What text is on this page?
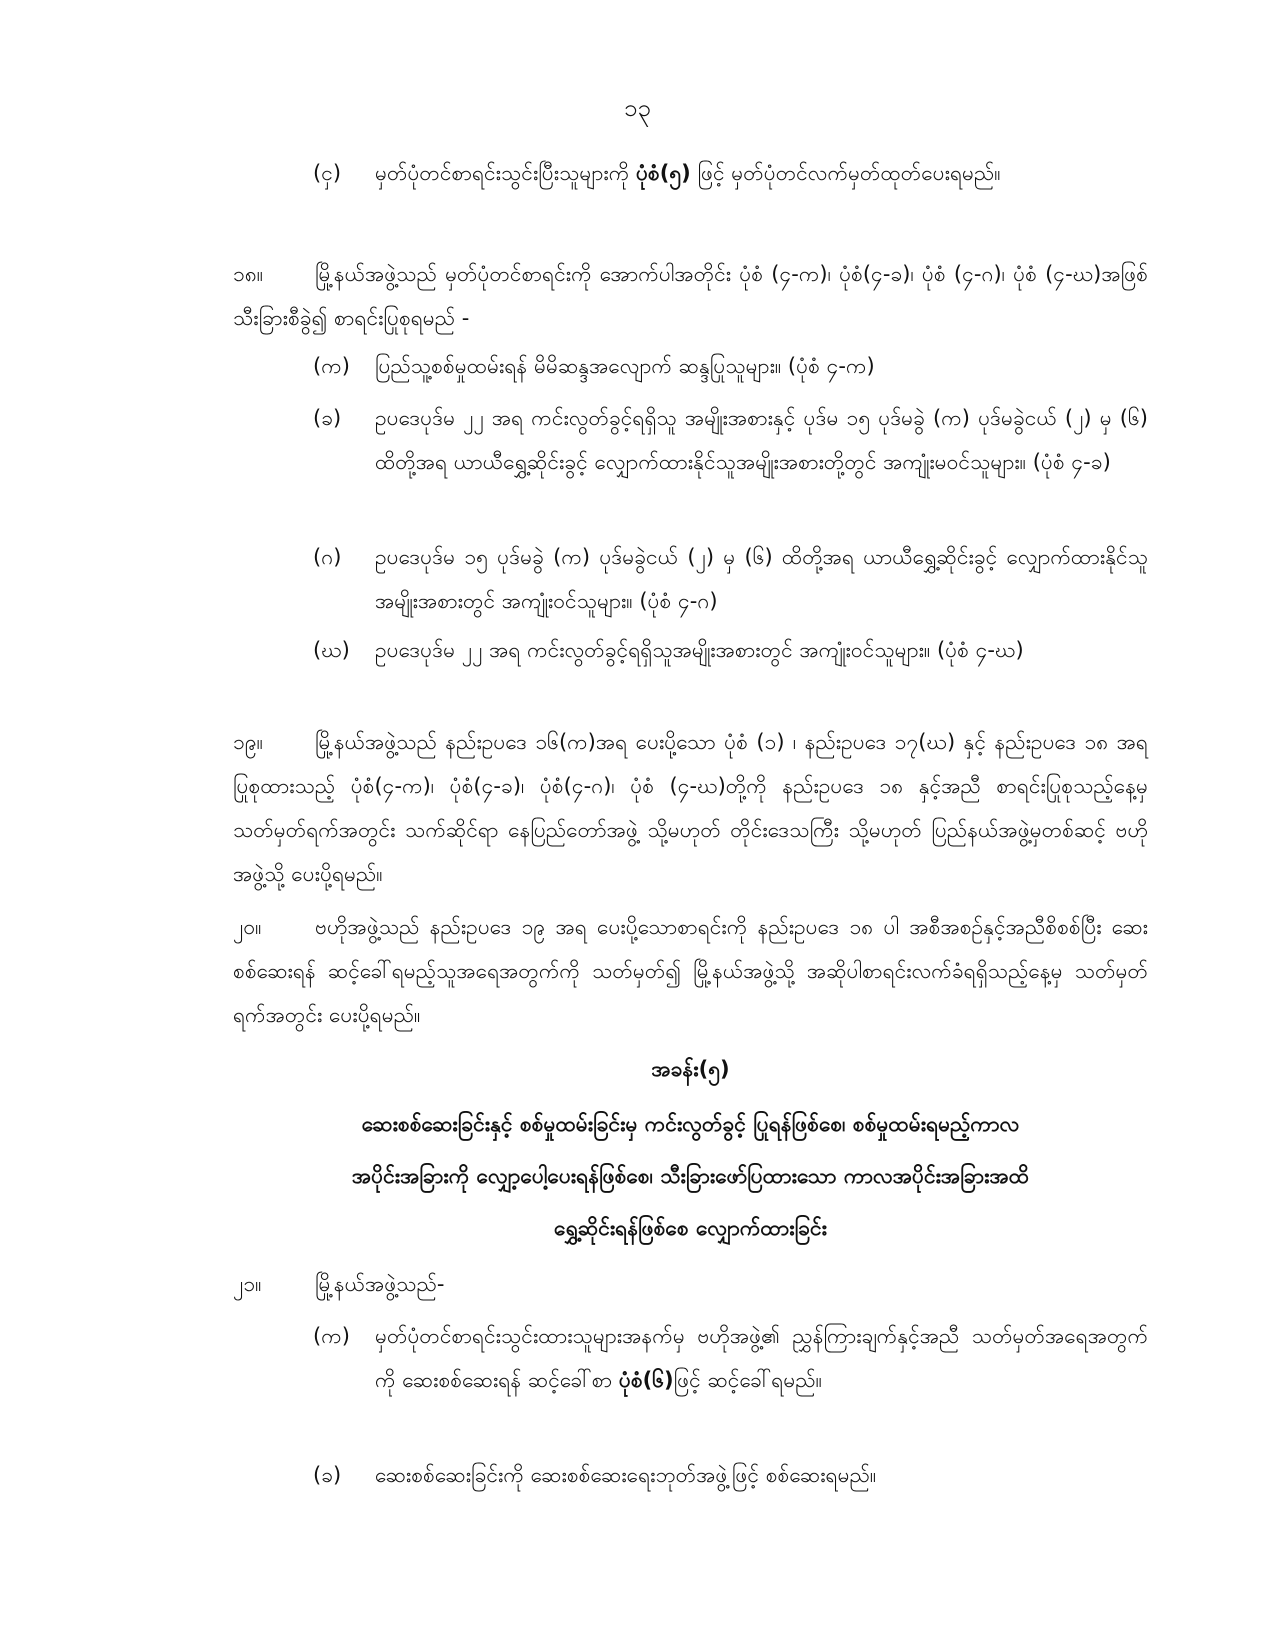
၁၃
(ငှ)	မှတ်ပုံတင်စာရင်းသွင်းပြီးသူများကို ပုံစံ(၅) ဖြင့် မှတ်ပုံတင်လက်မှတ်ထုတ်ပေးရမည်။
၁၈။ မြို့နယ်အဖွဲ့သည် မှတ်ပုံတင်စာရင်းကို အောက်ပါအတိုင်း ပုံစံ (၄-က)၊ ပုံစံ(၄-ခ)၊ ပုံစံ (၄-ဂ)၊ ပုံစံ (၄-ဃ)အဖြစ် သီးခြားစီခွဲ၍ စာရင်းပြုစုရမည် -
(က)	ပြည်သူ့စစ်မှုထမ်းရန် မိမိဆန္ဒအလျောက် ဆန္ဒပြုသူများ။ (ပုံစံ ၄-က)
(ခ)	ဥပဒေပုဒ်မ ၂၂ အရ ကင်းလွတ်ခွင့်ရရှိသူ အမျိုးအစားနှင့် ပုဒ်မ ၁၅ ပုဒ်မခွဲ (က) ပုဒ်မခွဲငယ် (၂) မှ (၆) ထိတို့အရ ယာယီရွှေ့ဆိုင်းခွင့် လျှောက်ထားနိုင်သူအမျိုးအစားတို့တွင် အကျုံးမဝင်သူများ။ (ပုံစံ ၄-ခ)
(ဂ)	ဥပဒေပုဒ်မ ၁၅ ပုဒ်မခွဲ (က) ပုဒ်မခွဲငယ် (၂) မှ (၆) ထိတို့အရ ယာယီရွှေ့ဆိုင်းခွင့် လျှောက်ထားနိုင်သူ အမျိုးအစားတွင် အကျုံးဝင်သူများ။ (ပုံစံ ၄-ဂ)
(ဃ)	ဥပဒေပုဒ်မ ၂၂ အရ ကင်းလွတ်ခွင့်ရရှိသူအမျိုးအစားတွင် အကျုံးဝင်သူများ။ (ပုံစံ ၄-ဃ)
၁၉။ မြို့နယ်အဖွဲ့သည် နည်းဥပဒေ ၁၆(က)အရ ပေးပို့သော ပုံစံ (၁) ၊ နည်းဥပဒေ ၁၇(ဃ) နှင့် နည်းဥပဒေ ၁၈ အရ ပြုစုထားသည့် ပုံစံ(၄-က)၊ ပုံစံ(၄-ခ)၊ ပုံစံ(၄-ဂ)၊ ပုံစံ (၄-ဃ)တို့ကို နည်းဥပဒေ ၁၈ နှင့်အညီ စာရင်းပြုစုသည့်နေ့မှ သတ်မှတ်ရက်အတွင်း သက်ဆိုင်ရာ နေပြည်တော်အဖွဲ့ သို့မဟုတ် တိုင်းဒေသကြီး သို့မဟုတ် ပြည်နယ်အဖွဲ့မှတစ်ဆင့် ဗဟိုအဖွဲ့သို့ ပေးပို့ရမည်။
၂၀။	ဗဟိုအဖွဲ့သည် နည်းဥပဒေ ၁၉ အရ ပေးပို့သောစာရင်းကို နည်းဥပဒေ ၁၈ ပါ အစီအစဉ်နှင့်အညီစိစစ်ပြီး ဆေးစစ်ဆေးရန် ဆင့်ခေါ်ရမည့်သူအရေအတွက်ကို သတ်မှတ်၍ မြို့နယ်အဖွဲ့သို့ အဆိုပါစာရင်းလက်ခံရရှိသည့်နေ့မှ သတ်မှတ်ရက်အတွင်း ပေးပို့ရမည်။
အခန်း(၅)
ဆေးစစ်ဆေးခြင်းနှင့် စစ်မှုထမ်းခြင်းမှ ကင်းလွတ်ခွင့် ပြုရန်ဖြစ်စေ၊ စစ်မှုထမ်းရမည့်ကာလ
အပိုင်းအခြားကို လျှော့ပေါ့ပေးရန်ဖြစ်စေ၊ သီးခြားဖော်ပြထားသော ကာလအပိုင်းအခြားအထိ
ရွှေ့ဆိုင်းရန်ဖြစ်စေ လျှောက်ထားခြင်း
၂၁။	မြို့နယ်အဖွဲ့သည်-
(က)	မှတ်ပုံတင်စာရင်းသွင်းထားသူများအနက်မှ ဗဟိုအဖွဲ့၏ ညွှန်ကြားချက်နှင့်အညီ သတ်မှတ်အရေအတွက်ကို ဆေးစစ်ဆေးရန် ဆင့်ခေါ်စာ ပုံစံ(၆)ဖြင့် ဆင့်ခေါ်ရမည်။
(ခ)	ဆေးစစ်ဆေးခြင်းကို ဆေးစစ်ဆေးရေးဘုတ်အဖွဲ့ဖြင့် စစ်ဆေးရမည်။
